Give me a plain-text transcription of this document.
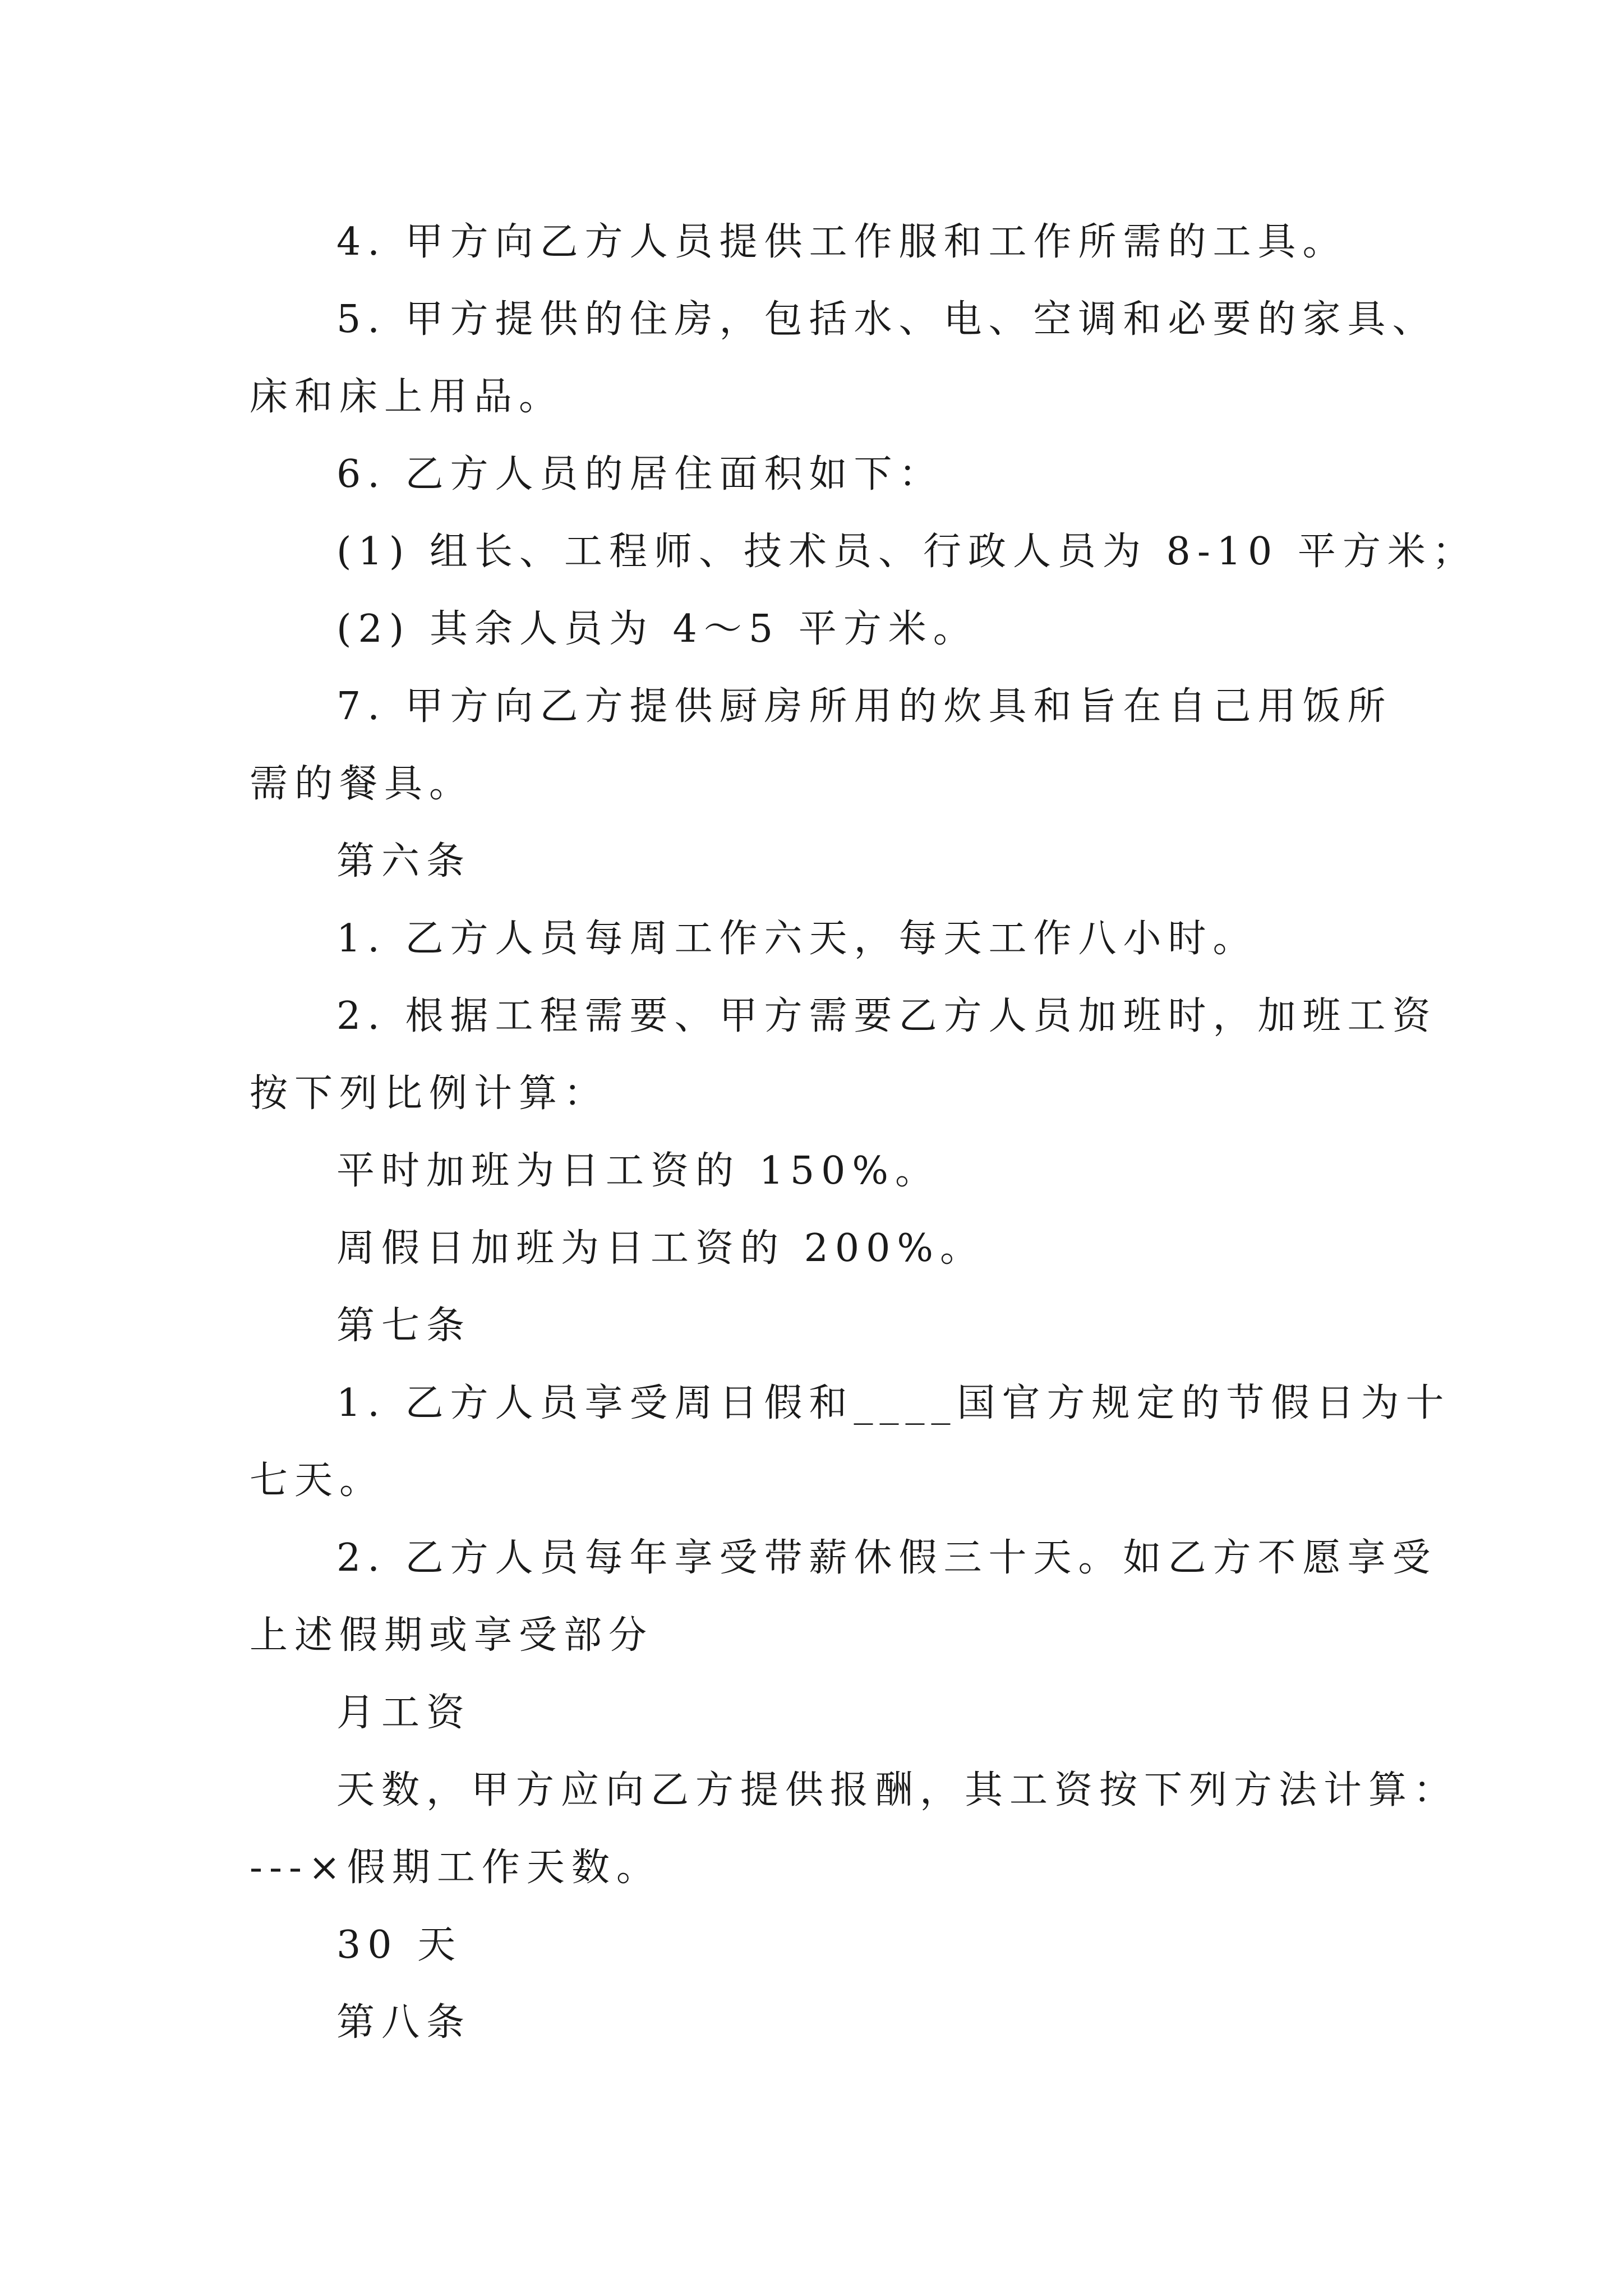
4. 甲方向乙方人员提供工作服和工作所需的工具。
5. 甲方提供的住房，包括水、电、空调和必要的家具、
床和床上用品。
6. 乙方人员的居住面积如下：
(1) 组长、工程师、技术员、行政人员为 8-10 平方米；
(2) 其余人员为 4～5 平方米。
7. 甲方向乙方提供厨房所用的炊具和旨在自己用饭所
需的餐具。
第六条
1. 乙方人员每周工作六天，每天工作八小时。
2. 根据工程需要、甲方需要乙方人员加班时，加班工资
按下列比例计算：
平时加班为日工资的 150%。
周假日加班为日工资的 200%。
第七条
1. 乙方人员享受周日假和____国官方规定的节假日为十
七天。
2. 乙方人员每年享受带薪休假三十天。如乙方不愿享受
上述假期或享受部分
月工资
天数，甲方应向乙方提供报酬，其工资按下列方法计算：
---×假期工作天数。
30 天
第八条
